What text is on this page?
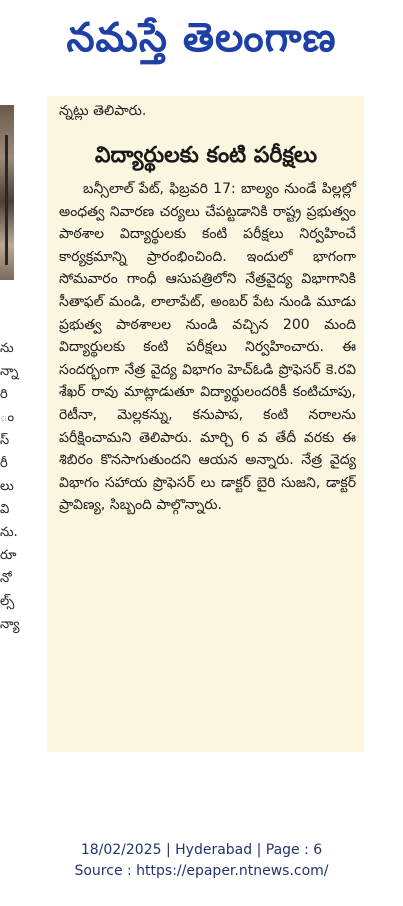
నమస్తే తెలంగాణ
ను
న్నా
రి
ం
స్
రీ
లు
వి
ను.
రూ
నో
ల్స్
న్యా
న్నట్లు తెలిపారు.
విద్యార్థులకు కంటి పరీక్షలు
బన్సీలాల్ పేట్, ఫిబ్రవరి 17: బాల్యం నుండే పిల్లల్లో అంధత్వ నివారణ చర్యలు చేపట్టడానికి రాష్ట్ర ప్రభుత్వం పాఠశాల విద్యార్థులకు కంటి పరీక్షలు నిర్వహించే కార్యక్రమాన్ని ప్రారంభించింది. ఇందులో భాగంగా సోమవారం గాంధీ ఆసుపత్రిలోని నేత్రవైద్య విభాగానికి సీతాఫల్ మండి, లాలాపేట్, అంబర్ పేట నుండి మూడు ప్రభుత్వ పాఠశాలల నుండి వచ్చిన 200 మంది విద్యార్థులకు కంటి పరీక్షలు నిర్వహించారు. ఈ సందర్భంగా నేత్ర వైద్య విభాగం హెచ్ఓడి ప్రొఫెసర్ కె.రవి శేఖర్ రావు మాట్లాడుతూ విద్యార్థులందరికీ కంటిచూపు, రెటీనా, మెల్లకన్ను, కనుపాప, కంటి నరాలను పరీక్షించామని తెలిపారు. మార్చి 6 వ తేదీ వరకు ఈ శిబిరం కొనసాగుతుందని ఆయన అన్నారు. నేత్ర వైద్య విభాగం సహాయ ప్రొఫెసర్ లు డాక్టర్ బైరి సుజని, డాక్టర్ ప్రావిణ్య, సిబ్బంది పాల్గొన్నారు.
18/02/2025 | Hyderabad | Page : 6
Source : https://epaper.ntnews.com/
